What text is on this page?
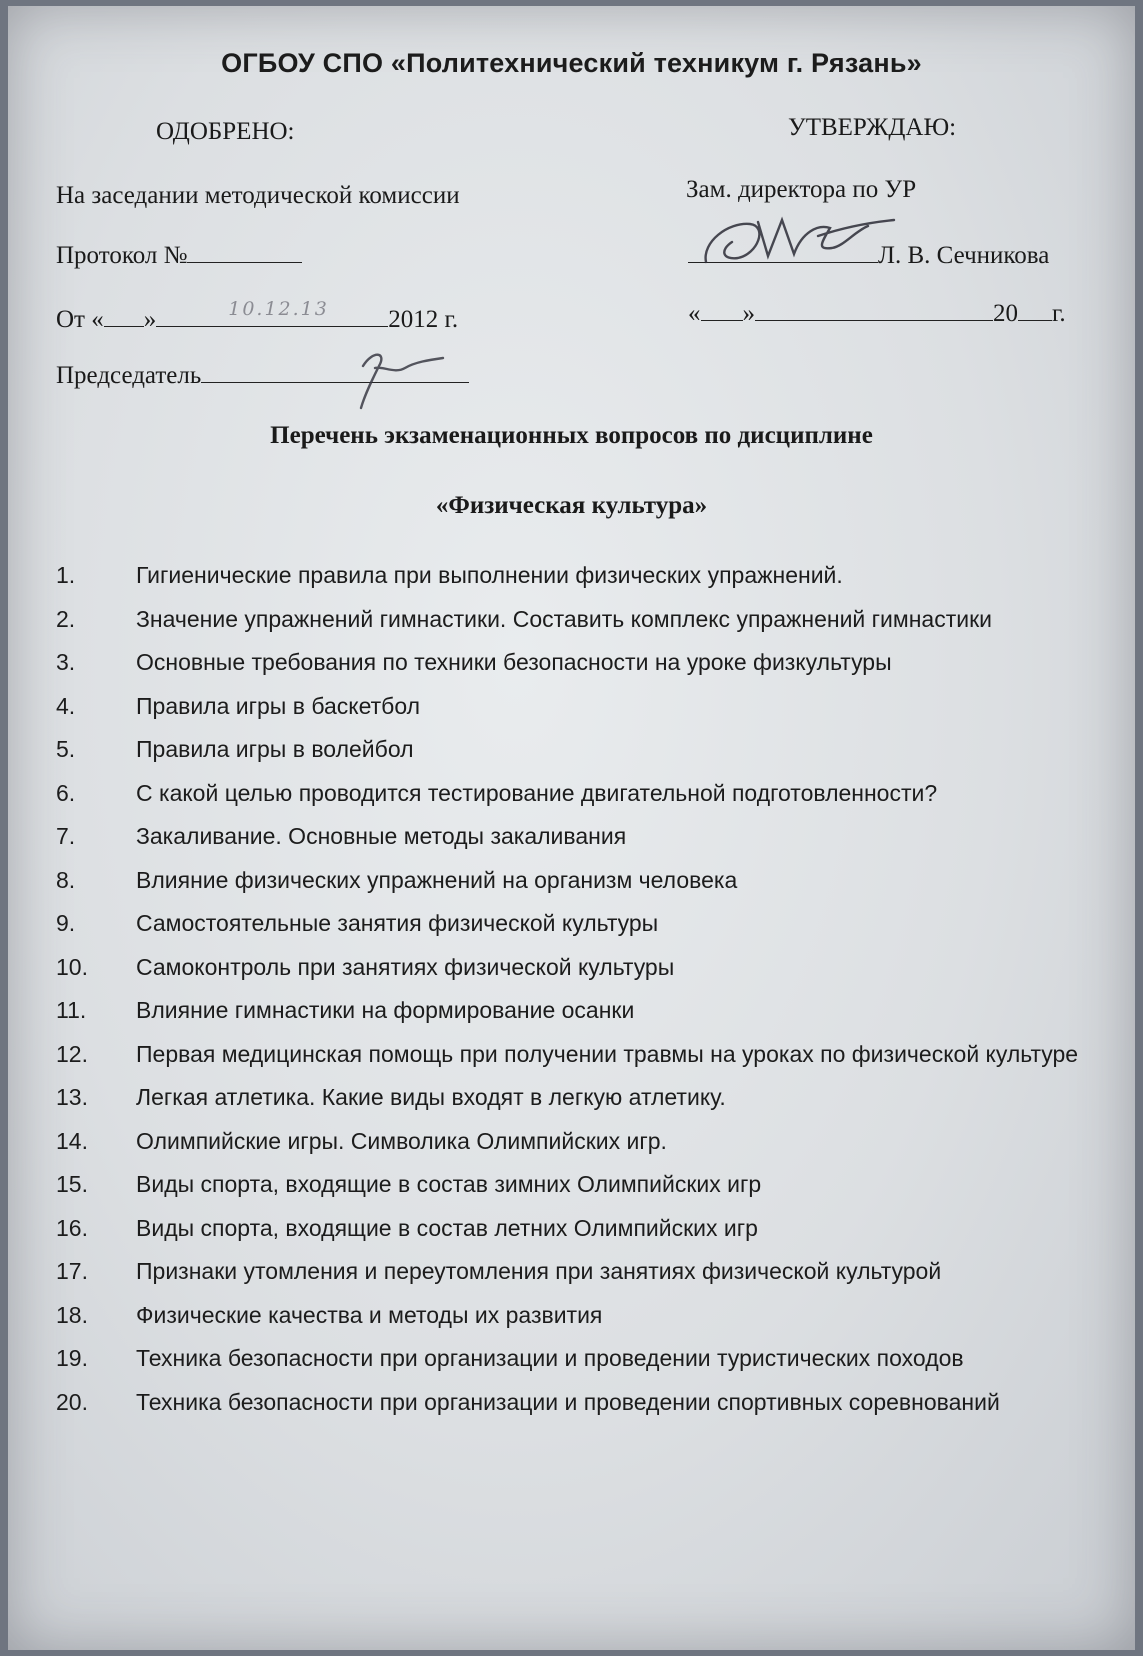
ОГБОУ СПО «Политехнический техникум г. Рязань»
ОДОБРЕНО:
На заседании методической комиссии
Протокол №
От « »	10.12.13 2012 г.
Председатель
УТВЕРЖДАЮ:
Зам. директора по УР
Л. В. Сечникова
« »	20 г.
Перечень экзаменационных вопросов по дисциплине
«Физическая культура»
1.	Гигиенические правила при выполнении физических упражнений.
2.	Значение упражнений гимнастики. Составить комплекс упражнений гимнастики
3.	Основные требования по техники безопасности на уроке физкультуры
4.	Правила игры в баскетбол
5.	Правила игры в волейбол
6.	С какой целью проводится тестирование двигательной подготовленности?
7.	Закаливание. Основные методы закаливания
8.	Влияние физических упражнений на организм человека
9.	Самостоятельные занятия физической культуры
10. Самоконтроль при занятиях физической культуры
11. Влияние гимнастики на формирование осанки
12. Первая медицинская помощь при получении травмы на уроках по физической культуре
13. Легкая атлетика. Какие виды входят в легкую атлетику.
14. Олимпийские игры. Символика Олимпийских игр.
15. Виды спорта, входящие в состав зимних Олимпийских игр
16. Виды спорта, входящие в состав летних Олимпийских игр
17. Признаки утомления и переутомления при занятиях физической культурой
18. Физические качества и методы их развития
19. Техника безопасности при организации и проведении туристических походов
20. Техника безопасности при организации и проведении спортивных соревнований
